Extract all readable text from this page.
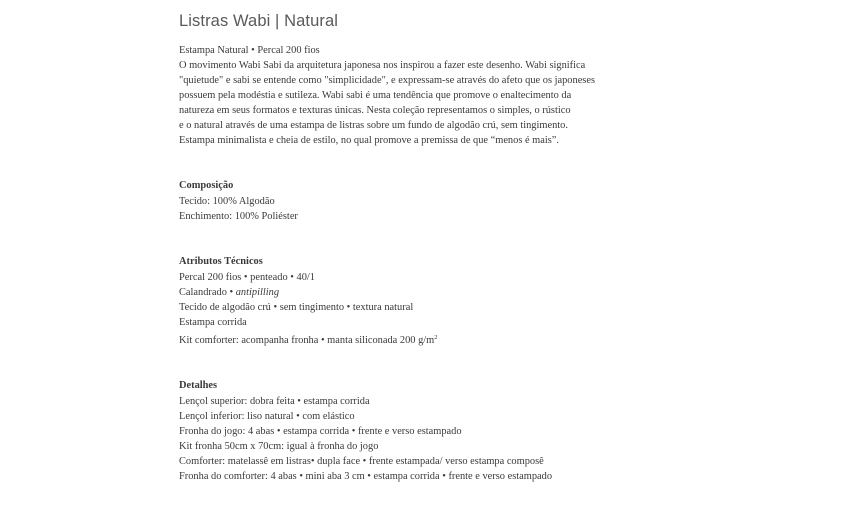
Listras Wabi | Natural
Estampa Natural • Percal 200 fios
O movimento Wabi Sabi da arquitetura japonesa nos inspirou a fazer este desenho. Wabi significa
"quietude" e sabi se entende como "simplicidade", e expressam-se através do afeto que os japoneses
possuem pela modéstia e sutileza. Wabi sabi é uma tendência que promove o enaltecimento da
natureza em seus formatos e texturas únicas. Nesta coleção representamos o simples, o rústico
e o natural através de uma estampa de listras sobre um fundo de algodão crú, sem tingimento.
Estampa minimalista e cheia de estilo, no qual promove a premissa de que “menos é mais”.
Composição
Tecido: 100% Algodão
Enchimento: 100% Poliéster
Atributos Técnicos
Percal 200 fios • penteado • 40/1
Calandrado • antipilling
Tecido de algodão crú • sem tingimento • textura natural
Estampa corrida
Kit comforter: acompanha fronha • manta siliconada 200 $g/m^2$
Detalhes
Lençol superior: dobra feita • estampa corrida
Lençol inferior: liso natural • com elástico
Fronha do jogo: 4 abas • estampa corrida • frente e verso estampado
Kit fronha 50cm x 70cm: igual à fronha do jogo
Comforter: matelassê em listras• dupla face • frente estampada/ verso estampa composê
Fronha do comforter: 4 abas • mini aba 3 cm • estampa corrida • frente e verso estampado
